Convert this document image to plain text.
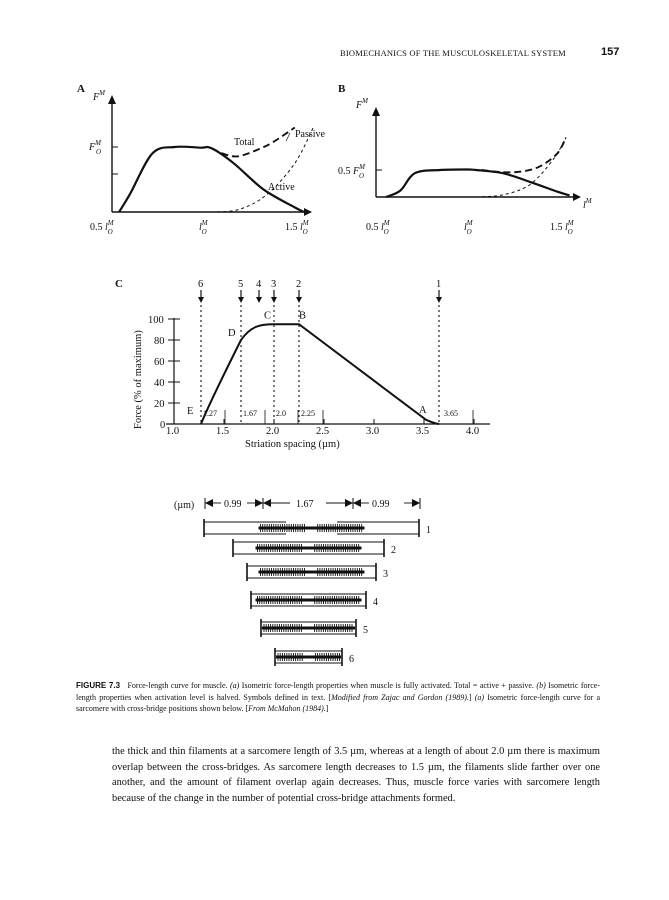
BIOMECHANICS OF THE MUSCULOSKELETAL SYSTEM	157
A
$F^M$
$F^M$ O
Total
Passive
Active
0.5 $l^M$ O	$l^M$ O	1.5 $l^M$ O
B
$F^M$
0.5 $F^M$ O
$l^M$
0.5 $l^M$ O	$l^M$ O	1.5 $l^M$ O
C
1.0	1.5	2.0	2.5	3.0	3.5	4.0
0
20
40
60
80
100
Force (% of maximum)
Striation spacing (µm)
6	5 4 3 2	1
1.27	1.67 2.0 2.25	3.65
A
B
C
D
E
(µm)	0.99	1.67	0.99
1
2
3
4
5
6
FIGURE 7.3 Force-length curve for muscle. (a) Isometric force-length properties when muscle is fully activated. Total = active + passive. (b) Isometric force-length properties when activation level is halved. Symbols defined in text. [Modified from Zajac and Gordon (1989).] (a) Isometric force-length curve for a sarcomere with cross-bridge positions shown below. [From McMahon (1984).]
the thick and thin filaments at a sarcomere length of 3.5 µm, whereas at a length of about 2.0 µm there is maximum overlap between the cross-bridges. As sarcomere length decreases to 1.5 µm, the filaments slide farther over one another, and the amount of filament overlap again decreases. Thus, muscle force varies with sarcomere length because of the change in the number of potential cross-bridge attachments formed.
